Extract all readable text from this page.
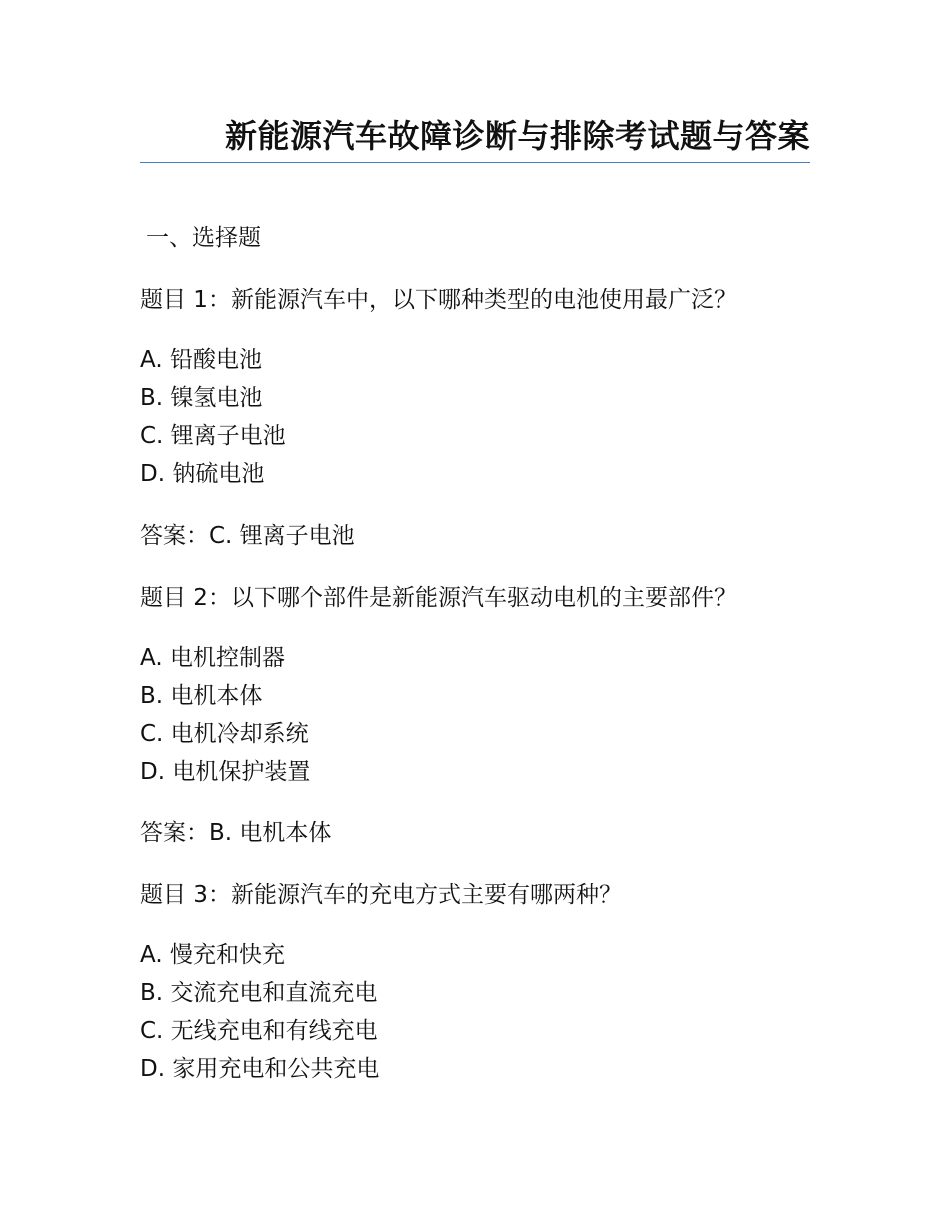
新能源汽车故障诊断与排除考试题与答案
一、选择题
题目 1：新能源汽车中，以下哪种类型的电池使用最广泛？
A. 铅酸电池
B. 镍氢电池
C. 锂离子电池
D. 钠硫电池
答案：C. 锂离子电池
题目 2：以下哪个部件是新能源汽车驱动电机的主要部件？
A. 电机控制器
B. 电机本体
C. 电机冷却系统
D. 电机保护装置
答案：B. 电机本体
题目 3：新能源汽车的充电方式主要有哪两种？
A. 慢充和快充
B. 交流充电和直流充电
C. 无线充电和有线充电
D. 家用充电和公共充电
